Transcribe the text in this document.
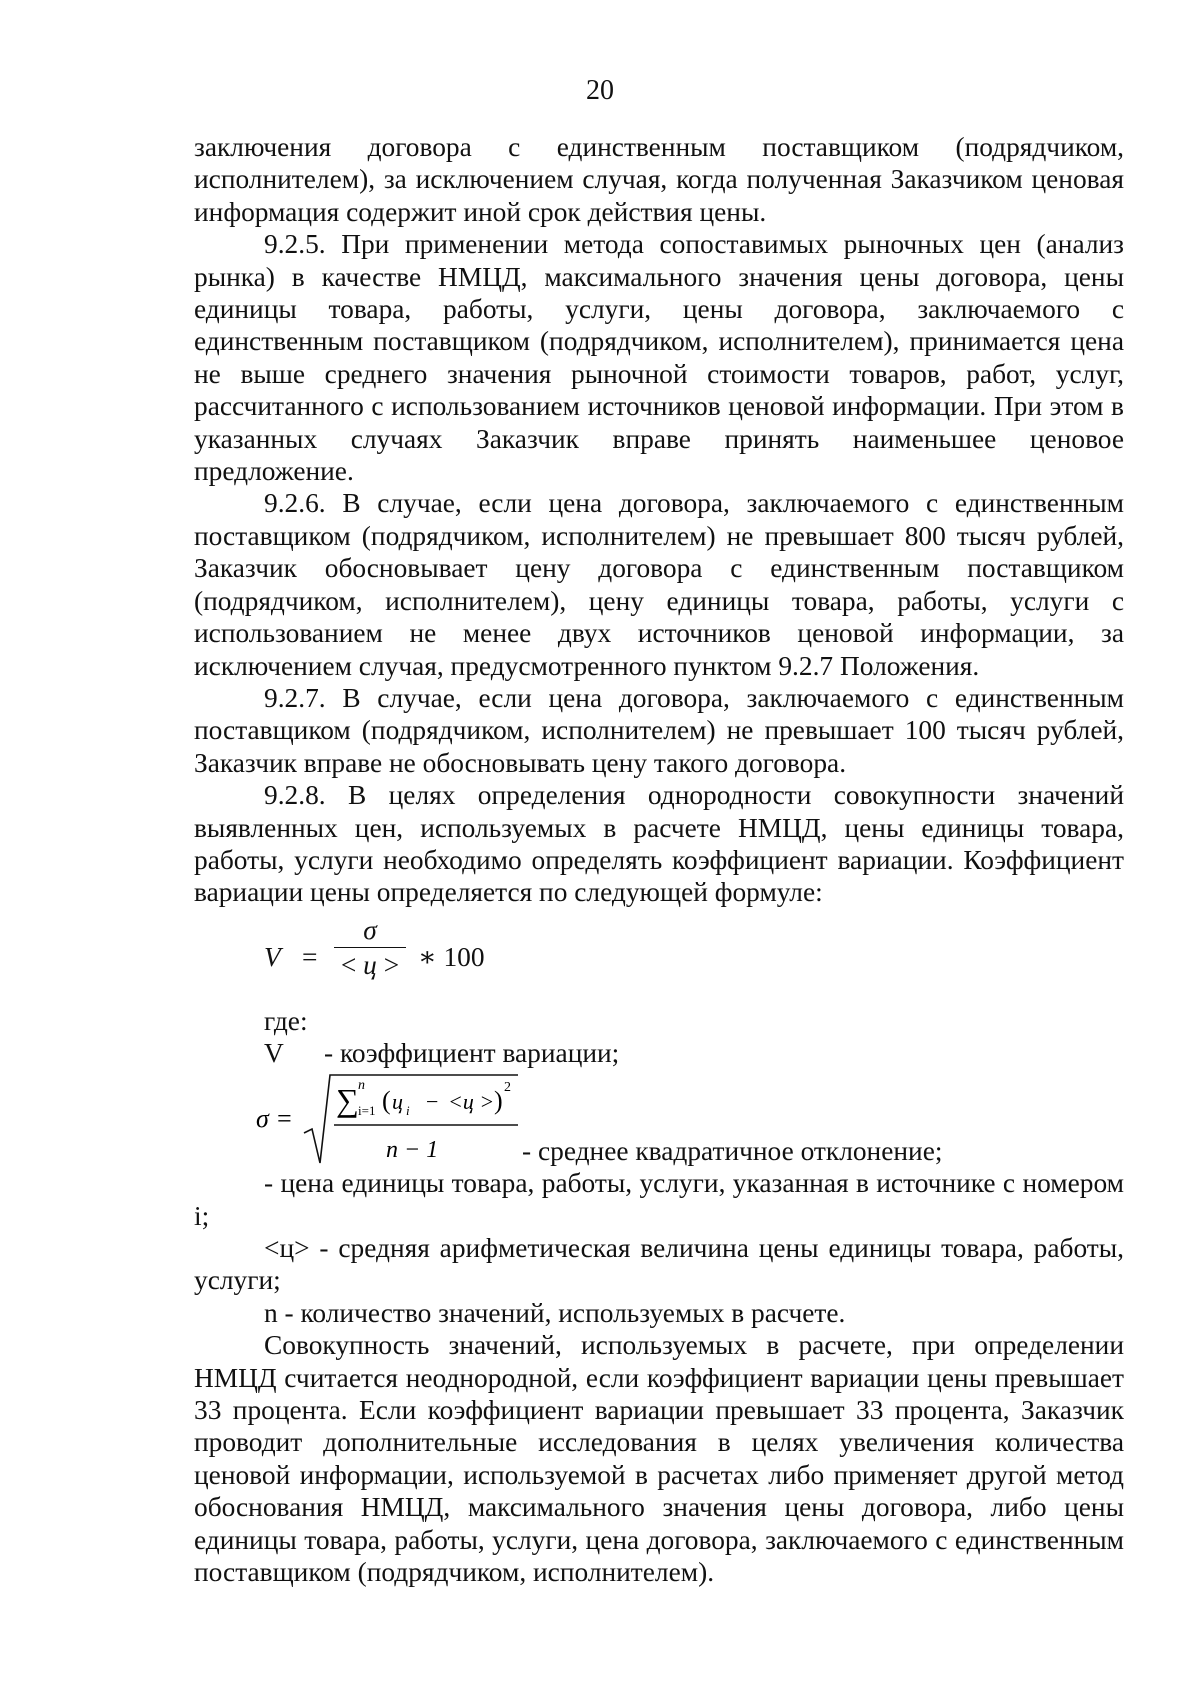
20

заключения договора с единственным поставщиком (подрядчиком, исполнителем), за исключением случая, когда полученная Заказчиком ценовая информация содержит иной срок действия цены.

9.2.5. При применении метода сопоставимых рыночных цен (анализ рынка) в качестве НМЦД, максимального значения цены договора, цены единицы товара, работы, услуги, цены договора, заключаемого с единственным поставщиком (подрядчиком, исполнителем), принимается цена не выше среднего значения рыночной стоимости товаров, работ, услуг, рассчитанного с использованием источников ценовой информации. При этом в указанных случаях Заказчик вправе принять наименьшее ценовое предложение.

9.2.6. В случае, если цена договора, заключаемого с единственным поставщиком (подрядчиком, исполнителем) не превышает 800 тысяч рублей, Заказчик обосновывает цену договора с единственным поставщиком (подрядчиком, исполнителем), цену единицы товара, работы, услуги с использованием не менее двух источников ценовой информации, за исключением случая, предусмотренного пунктом 9.2.7 Положения.

9.2.7. В случае, если цена договора, заключаемого с единственным поставщиком (подрядчиком, исполнителем) не превышает 100 тысяч рублей, Заказчик вправе не обосновывать цену такого договора.

9.2.8. В целях определения однородности совокупности значений выявленных цен, используемых в расчете НМЦД, цены единицы товара, работы, услуги необходимо определять коэффициент вариации. Коэффициент вариации цены определяется по следующей формуле:

V =
σ
< ц > ∗ 100

где:

V - коэффициент вариации;
σ =
∑ n
i=1 ( ц i − <ц > ) 2
n − 1	- среднее квадратичное отклонение;

- цена единицы товара, работы, услуги, указанная в источнике с номером i;

<ц> - средняя арифметическая величина цены единицы товара, работы, услуги;

n - количество значений, используемых в расчете.

Совокупность значений, используемых в расчете, при определении НМЦД считается неоднородной, если коэффициент вариации цены превышает 33 процента. Если коэффициент вариации превышает 33 процента, Заказчик проводит дополнительные исследования в целях увеличения количества ценовой информации, используемой в расчетах либо применяет другой метод обоснования НМЦД, максимального значения цены договора, либо цены единицы товара, работы, услуги, цена договора, заключаемого с единственным поставщиком (подрядчиком, исполнителем).
